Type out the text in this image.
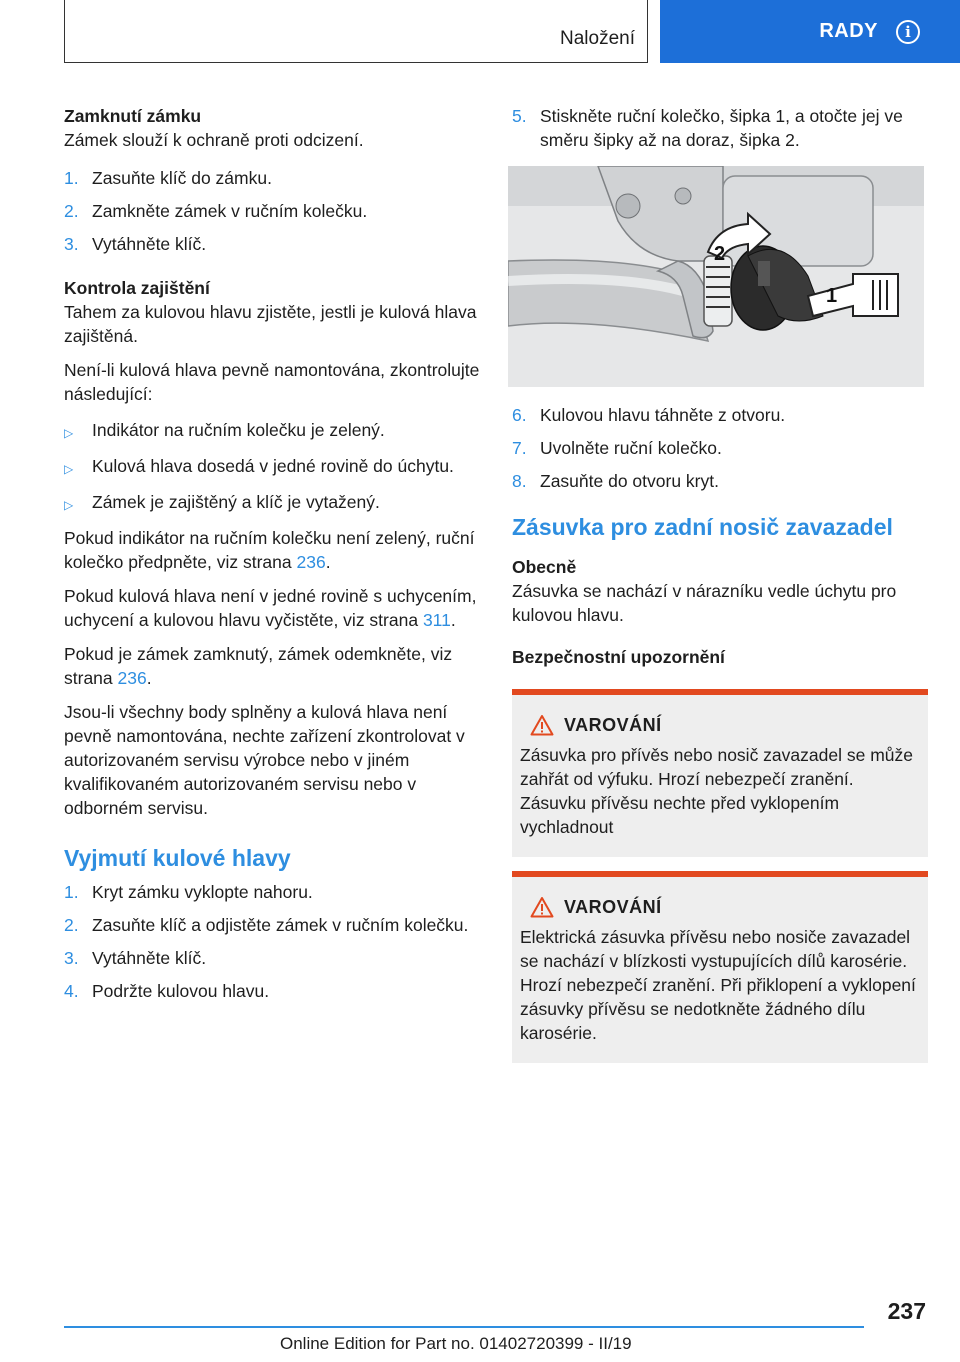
Naložení	RADY	i
Zamknutí zámku

Zámek slouží k ochraně proti odcizení.

1. Zasuňte klíč do zámku.
2. Zamkněte zámek v ručním kolečku.
3. Vytáhněte klíč.
Kontrola zajištění

Tahem za kulovou hlavu zjistěte, jestli je kulová hlava zajištěná.

Není-li kulová hlava pevně namontována, zkontrolujte následující:

▷	Indikátor na ručním kolečku je zelený.
▷	Kulová hlava dosedá v jedné rovině do úchytu.
▷	Zámek je zajištěný a klíč je vytažený.

Pokud indikátor na ručním kolečku není zelený, ruční kolečko předpněte, viz strana 236.

Pokud kulová hlava není v jedné rovině s uchycením, uchycení a kulovou hlavu vyčistěte, viz strana 311.

Pokud je zámek zamknutý, zámek odemkněte, viz strana 236.

Jsou-li všechny body splněny a kulová hlava není pevně namontována, nechte zařízení zkontrolovat v autorizovaném servisu výrobce nebo v jiném kvalifikovaném autorizovaném servisu nebo v odborném servisu.

Vyjmutí kulové hlavy
1. Kryt zámku vyklopte nahoru.
2. Zasuňte klíč a odjistěte zámek v ručním kolečku.
3. Vytáhněte klíč.
4. Podržte kulovou hlavu.
5. Stiskněte ruční kolečko, šipka 1, a otočte jej ve směru šipky až na doraz, šipka 2.
1
2
6. Kulovou hlavu táhněte z otvoru.
7. Uvolněte ruční kolečko.
8. Zasuňte do otvoru kryt.
Zásuvka pro zadní nosič zavazadel
Obecně

Zásuvka se nachází v nárazníku vedle úchytu pro kulovou hlavu.

Bezpečnostní upozornění
VAROVÁNÍ
Zásuvka pro přívěs nebo nosič zavazadel se může zahřát od výfuku. Hrozí nebezpečí zranění. Zásuvku přívěsu nechte před vyklopením vychladnout
VAROVÁNÍ
Elektrická zásuvka přívěsu nebo nosiče zavazadel se nachází v blízkosti vystupujících dílů karosérie. Hrozí nebezpečí zranění. Při přiklopení a vyklopení zásuvky přívěsu se nedotkněte žádného dílu karosérie.
237
Online Edition for Part no. 01402720399 - II/19
